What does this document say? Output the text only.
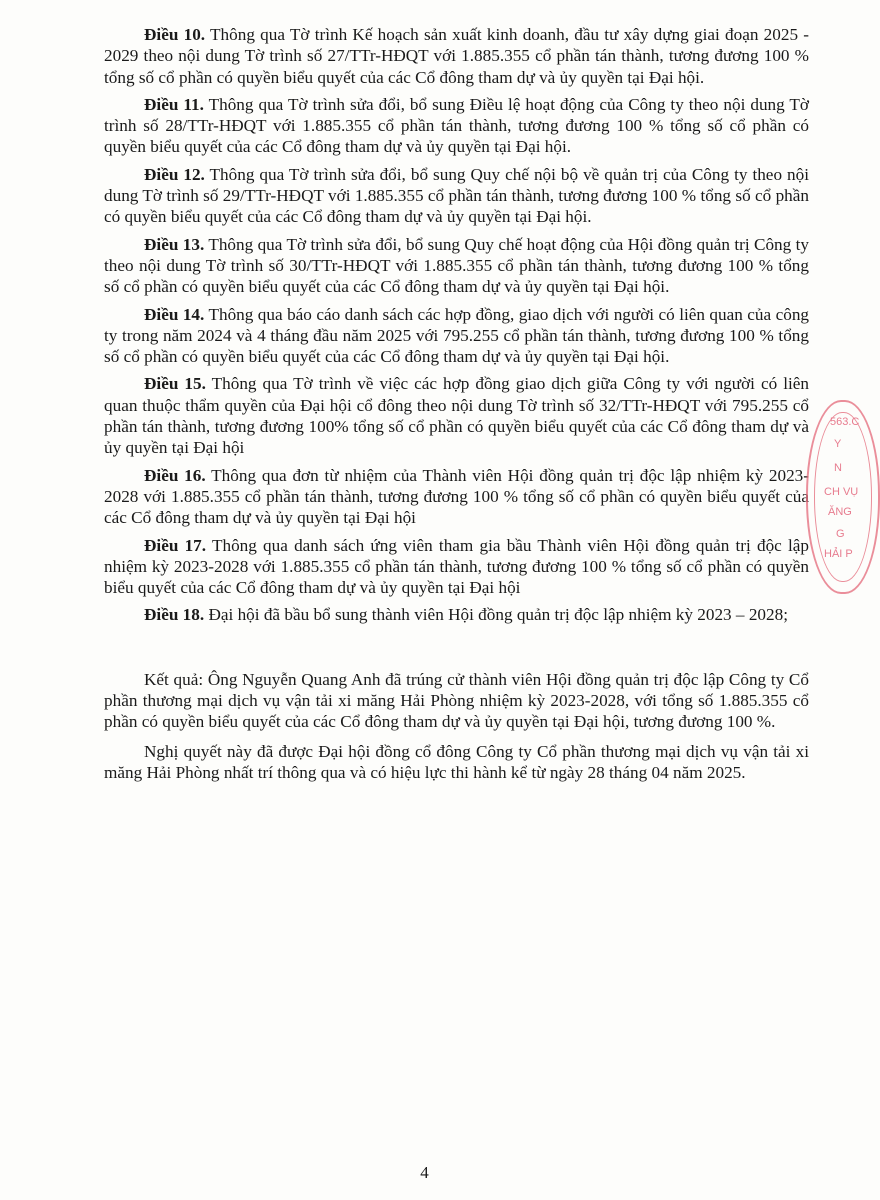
Điều 10. Thông qua Tờ trình Kế hoạch sản xuất kinh doanh, đầu tư xây dựng giai đoạn 2025 - 2029 theo nội dung Tờ trình số 27/TTr-HĐQT với 1.885.355 cổ phần tán thành, tương đương 100 % tổng số cổ phần có quyền biểu quyết của các Cổ đông tham dự và ủy quyền tại Đại hội.

Điều 11. Thông qua Tờ trình sửa đổi, bổ sung Điều lệ hoạt động của Công ty theo nội dung Tờ trình số 28/TTr-HĐQT với 1.885.355 cổ phần tán thành, tương đương 100 % tổng số cổ phần có quyền biểu quyết của các Cổ đông tham dự và ủy quyền tại Đại hội.

Điều 12. Thông qua Tờ trình sửa đổi, bổ sung Quy chế nội bộ về quản trị của Công ty theo nội dung Tờ trình số 29/TTr-HĐQT với 1.885.355 cổ phần tán thành, tương đương 100 % tổng số cổ phần có quyền biểu quyết của các Cổ đông tham dự và ủy quyền tại Đại hội.

Điều 13. Thông qua Tờ trình sửa đổi, bổ sung Quy chế hoạt động của Hội đồng quản trị Công ty theo nội dung Tờ trình số 30/TTr-HĐQT với 1.885.355 cổ phần tán thành, tương đương 100 % tổng số cổ phần có quyền biểu quyết của các Cổ đông tham dự và ủy quyền tại Đại hội.

Điều 14. Thông qua báo cáo danh sách các hợp đồng, giao dịch với người có liên quan của công ty trong năm 2024 và 4 tháng đầu năm 2025 với 795.255 cổ phần tán thành, tương đương 100 % tổng số cổ phần có quyền biểu quyết của các Cổ đông tham dự và ủy quyền tại Đại hội.

Điều 15. Thông qua Tờ trình về việc các hợp đồng giao dịch giữa Công ty với người có liên quan thuộc thẩm quyền của Đại hội cổ đông theo nội dung Tờ trình số 32/TTr-HĐQT với 795.255 cổ phần tán thành, tương đương 100% tổng số cổ phần có quyền biểu quyết của các Cổ đông tham dự và ủy quyền tại Đại hội

Điều 16. Thông qua đơn từ nhiệm của Thành viên Hội đồng quản trị độc lập nhiệm kỳ 2023-2028 với 1.885.355 cổ phần tán thành, tương đương 100 % tổng số cổ phần có quyền biểu quyết của các Cổ đông tham dự và ủy quyền tại Đại hội

Điều 17. Thông qua danh sách ứng viên tham gia bầu Thành viên Hội đồng quản trị độc lập nhiệm kỳ 2023-2028 với 1.885.355 cổ phần tán thành, tương đương 100 % tổng số cổ phần có quyền biểu quyết của các Cổ đông tham dự và ủy quyền tại Đại hội

Điều 18. Đại hội đã bầu bổ sung thành viên Hội đồng quản trị độc lập nhiệm kỳ 2023 – 2028;

Kết quả: Ông Nguyễn Quang Anh đã trúng cử thành viên Hội đồng quản trị độc lập Công ty Cổ phần thương mại dịch vụ vận tải xi măng Hải Phòng nhiệm kỳ 2023-2028, với tổng số 1.885.355 cổ phần có quyền biểu quyết của các Cổ đông tham dự và ủy quyền tại Đại hội, tương đương 100 %.

Nghị quyết này đã được Đại hội đồng cổ đông Công ty Cổ phần thương mại dịch vụ vận tải xi măng Hải Phòng nhất trí thông qua và có hiệu lực thi hành kể từ ngày 28 tháng 04 năm 2025.

563.C
Y
N
CH VỤ
ĂNG
G
HẢI P
4
